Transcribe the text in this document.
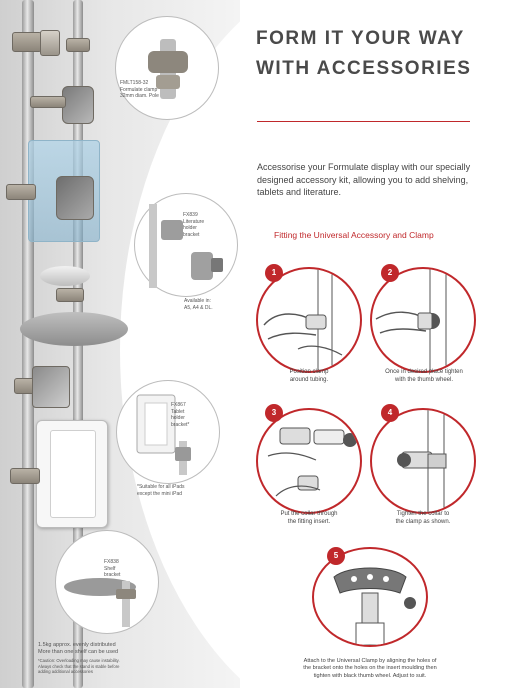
FMLT158-32
Formulate clamp
32mm diam. Pole
FX839
Literature
holder
bracket
Available in:
A5, A4 & DL.
FX867
Tablet
holder
bracket*
*Suitable for all iPads
except the mini iPad
FX838
Shelf
bracket
1.5kg approx. evenly distributed
More than one shelf can be used
*Caution: Overloading may cause instability.
Always check that the stand is stable before
adding additional accessories
FORM IT YOUR WAY
WITH ACCESSORIES
Accessorise your Formulate display with our specially designed accessory kit, allowing you to add shelving, tablets and literature.
Fitting the Universal Accessory and Clamp
1
Position clamp
around tubing.
2
Once in desired place tighten
with the thumb wheel.
3
Put the collar through
the fitting insert.
4
Tighten the collar to
the clamp as shown.
5
Attach to the Universal Clamp by aligning the holes of
the bracket onto the holes on the insert moulding then
tighten with black thumb wheel. Adjust to suit.
